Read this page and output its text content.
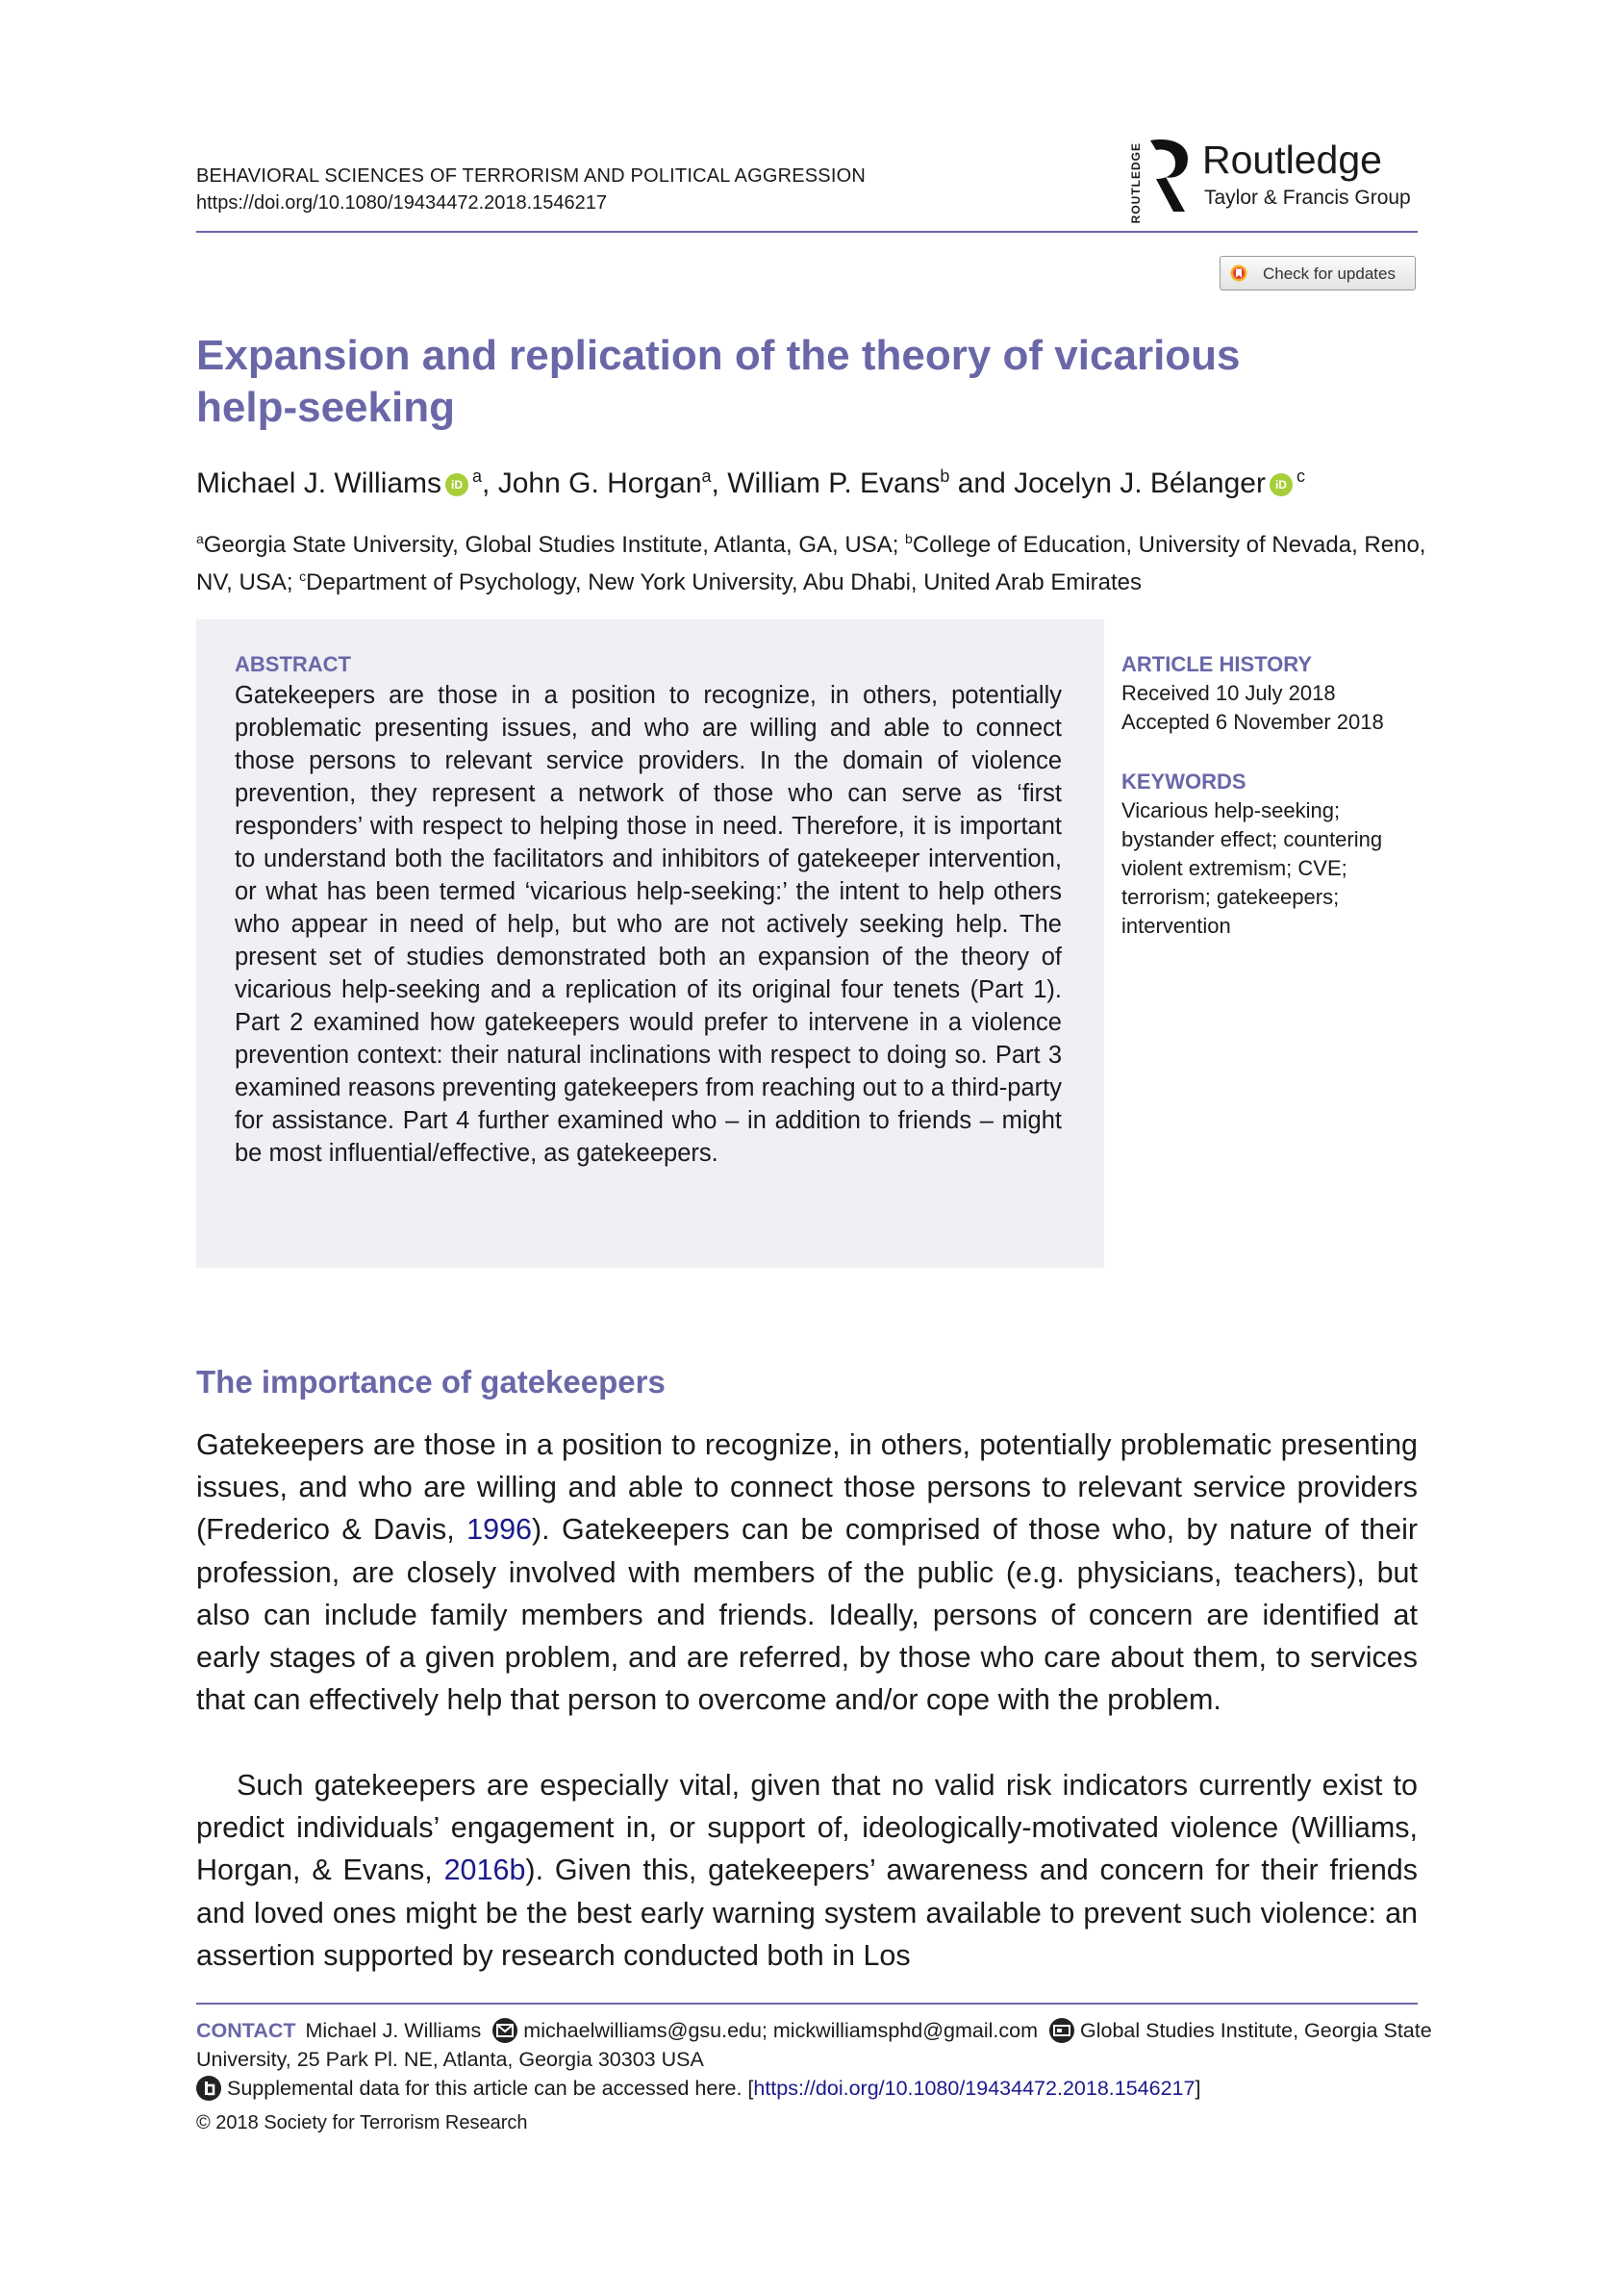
BEHAVIORAL SCIENCES OF TERRORISM AND POLITICAL AGGRESSION
https://doi.org/10.1080/19434472.2018.1546217	ROUTLEDGE Routledge
Taylor & Francis Group
Check for updates
Expansion and replication of the theory of vicarious help-seeking
Michael J. Williams iD $^a$, John G. Horgan$^a$, William P. Evans$^b$ and Jocelyn J. Bélanger iD $^c$
$^a$Georgia State University, Global Studies Institute, Atlanta, GA, USA; $^b$College of Education, University of Nevada, Reno, NV, USA; $^c$Department of Psychology, New York University, Abu Dhabi, United Arab Emirates
ABSTRACT
Gatekeepers are those in a position to recognize, in others, potentially problematic presenting issues, and who are willing and able to connect those persons to relevant service providers. In the domain of violence prevention, they represent a network of those who can serve as ‘first responders’ with respect to helping those in need. Therefore, it is important to understand both the facilitators and inhibitors of gatekeeper intervention, or what has been termed ‘vicarious help-seeking:’ the intent to help others who appear in need of help, but who are not actively seeking help. The present set of studies demonstrated both an expansion of the theory of vicarious help-seeking and a replication of its original four tenets (Part 1). Part 2 examined how gatekeepers would prefer to intervene in a violence prevention context: their natural inclinations with respect to doing so. Part 3 examined reasons preventing gatekeepers from reaching out to a third-party for assistance. Part 4 further examined who – in addition to friends – might be most influential/effective, as gatekeepers.
ARTICLE HISTORY
Received 10 July 2018
Accepted 6 November 2018
KEYWORDS
Vicarious help-seeking; bystander effect; countering violent extremism; CVE; terrorism; gatekeepers; intervention
The importance of gatekeepers
Gatekeepers are those in a position to recognize, in others, potentially problematic presenting issues, and who are willing and able to connect those persons to relevant service providers (Frederico & Davis, 1996). Gatekeepers can be comprised of those who, by nature of their profession, are closely involved with members of the public (e.g. physicians, teachers), but also can include family members and friends. Ideally, persons of concern are identified at early stages of a given problem, and are referred, by those who care about them, to services that can effectively help that person to overcome and/or cope with the problem.
Such gatekeepers are especially vital, given that no valid risk indicators currently exist to predict individuals’ engagement in, or support of, ideologically-motivated violence (Williams, Horgan, & Evans, 2016b). Given this, gatekeepers’ awareness and concern for their friends and loved ones might be the best early warning system available to prevent such violence: an assertion supported by research conducted both in Los
CONTACT Michael J. Williams michaelwilliams@gsu.edu; mickwilliamsphd@gmail.com Global Studies Institute, Georgia State University, 25 Park Pl. NE, Atlanta, Georgia 30303 USA
Supplemental data for this article can be accessed here. [https://doi.org/10.1080/19434472.2018.1546217]
© 2018 Society for Terrorism Research
